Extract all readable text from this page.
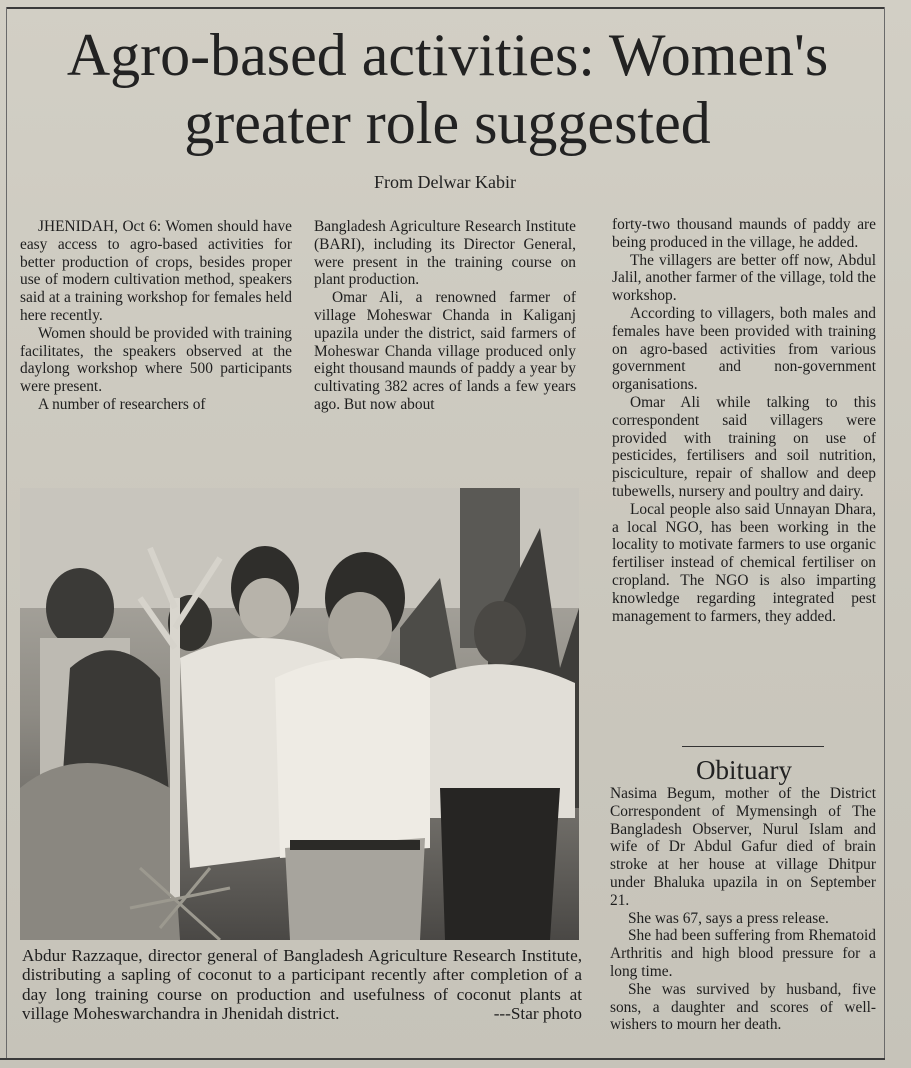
Agro-based activities: Women's
greater role suggested
From Delwar Kabir

JHENIDAH, Oct 6: Women should have easy access to agro-based activities for better production of crops, besides proper use of modern cultivation method, speakers said at a training workshop for females held here recently.

Women should be provided with training facilitates, the speakers observed at the daylong workshop where 500 participants were present.

A number of researchers of

Bangladesh Agriculture Research Institute (BARI), including its Director General, were present in the training course on plant production.

Omar Ali, a renowned farmer of village Moheswar Chanda in Kaliganj upazila under the district, said farmers of Moheswar Chanda village produced only eight thousand maunds of paddy a year by cultivating 382 acres of lands a few years ago. But now about

forty-two thousand maunds of paddy are being produced in the village, he added.

The villagers are better off now, Abdul Jalil, another farmer of the village, told the workshop.

According to villagers, both males and females have been provided with training on agro-based activities from various government and non-government organisations.

Omar Ali while talking to this correspondent said villagers were provided with training on use of pesticides, fertilisers and soil nutrition, pisciculture, repair of shallow and deep tubewells, nursery and poultry and dairy.

Local people also said Unnayan Dhara, a local NGO, has been working in the locality to motivate farmers to use organic fertiliser instead of chemical fertiliser on cropland. The NGO is also imparting knowledge regarding integrated pest management to farmers, they added.

Obituary

Nasima Begum, mother of the District Correspondent of Mymensingh of The Bangladesh Observer, Nurul Islam and wife of Dr Abdul Gafur died of brain stroke at her house at village Dhitpur under Bhaluka upazila in on September 21.

She was 67, says a press release.

She had been suffering from Rhematoid Arthritis and high blood pressure for a long time.

She was survived by husband, five sons, a daughter and scores of well-wishers to mourn her death.

Abdur Razzaque, director general of Bangladesh Agriculture Research Institute, distributing a sapling of coconut to a participant recently after completion of a day long training course on production and usefulness of coconut plants at village Moheswarchandra in Jhenidah district.	---Star photo
